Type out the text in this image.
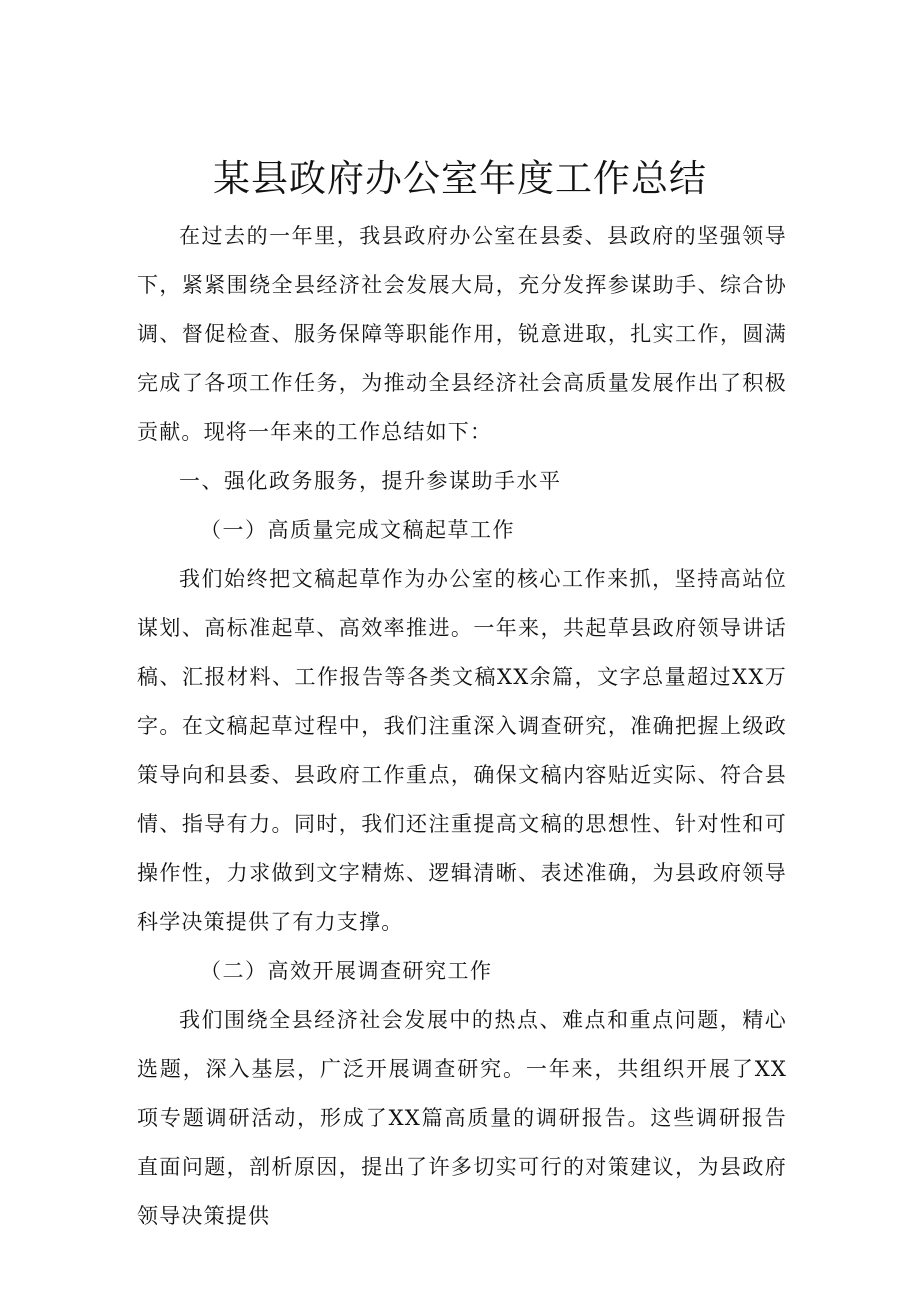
某县政府办公室年度工作总结

在过去的一年里，我县政府办公室在县委、县政府的坚强领导下，紧紧围绕全县经济社会发展大局，充分发挥参谋助手、综合协调、督促检查、服务保障等职能作用，锐意进取，扎实工作，圆满完成了各项工作任务，为推动全县经济社会高质量发展作出了积极贡献。现将一年来的工作总结如下：

一、强化政务服务，提升参谋助手水平

（一）高质量完成文稿起草工作

我们始终把文稿起草作为办公室的核心工作来抓，坚持高站位谋划、高标准起草、高效率推进。一年来，共起草县政府领导讲话稿、汇报材料、工作报告等各类文稿XX余篇，文字总量超过XX万字。在文稿起草过程中，我们注重深入调查研究，准确把握上级政策导向和县委、县政府工作重点，确保文稿内容贴近实际、符合县情、指导有力。同时，我们还注重提高文稿的思想性、针对性和可操作性，力求做到文字精炼、逻辑清晰、表述准确，为县政府领导科学决策提供了有力支撑。

（二）高效开展调查研究工作

我们围绕全县经济社会发展中的热点、难点和重点问题，精心选题，深入基层，广泛开展调查研究。一年来，共组织开展了XX项专题调研活动，形成了XX篇高质量的调研报告。这些调研报告直面问题，剖析原因，提出了许多切实可行的对策建议，为县政府领导决策提供
